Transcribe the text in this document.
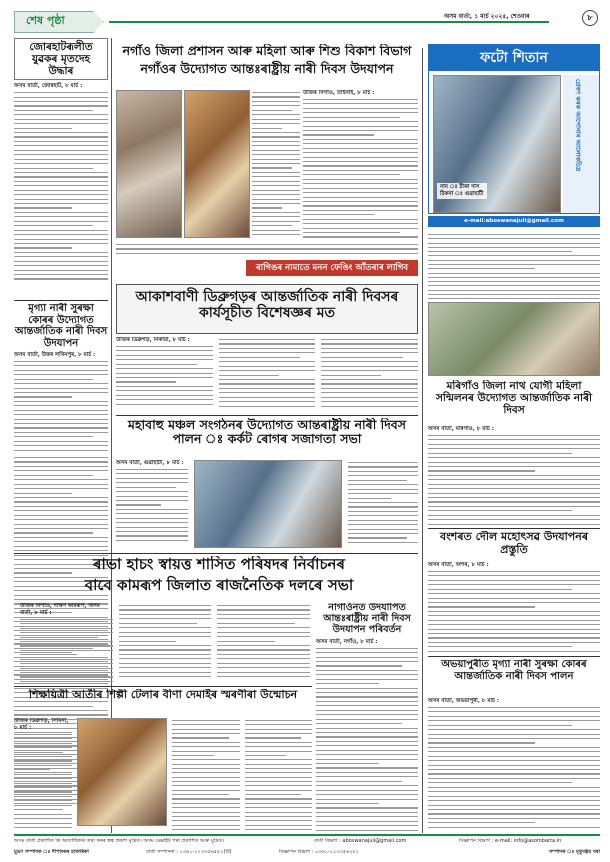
শেষ পৃষ্ঠা	অসম বাৰ্তা, ১ মাৰ্চ ২০২৫, শেওবাৰ	৮
জোৰহাটৰূলীত যুৱকৰ মৃতদেহ উদ্ধাৰ
অসম বাৰ্তা, জোৰহাট, ৮ মাৰ্চ :
মৃগ্যা নাৰী সুৰক্ষা কোৰৰ উদ্যোগত আন্তৰ্জাতিক নাৰী দিবস উদযাপন
অসম বাৰ্তা, উত্তৰ লখিমপুৰ, ৮ মাৰ্চ :
নগাঁও জিলা প্ৰশাসন আৰু মহিলা আৰু শিশু বিকাশ বিভাগ
নগাঁওৰ উদ্যোগত আন্তঃৰাষ্ট্ৰীয় নাৰী দিবস উদযাপন
উজিৰ নিগাঁও, তাইনাই, ৮ মাৰ্চ :
ৰাগিঙৰ নামাতে মনন ফেঙিং আঁতৰাৰ লাগিব
আকাশবাণী ডিব্ৰুগড়ৰ আন্তৰ্জাতিক নাৰী দিবসৰ কাৰ্যসূচীত বিশেষজ্ঞৰ মত
উজিৰ ডিব্ৰুগড়, নিকায়া, ৮ মাৰ্চ :
মহাবাহু মঞ্চল সংগঠনৰ উদ্যোগত আন্তৰাষ্ট্ৰীয় নাৰী দিবস পালন ঃ কৰ্কট ৰোগৰ সজাগতা সভা
অসম বাৰ্তা, গুৱাহাটী, ৮ মাৰ্চ :
ৰাভা হাচং স্বায়ত্ত শাসিত পৰিষদৰ নিৰ্বাচনৰ
বাবে কামৰূপ জিলাত ৰাজনৈতিক দলৰে সভা
উজিৰ নিগাঁও, দক্ষিণ কামৰূপ, অসম বাৰ্তা, ৮ মাৰ্চ :	নাগাওঁনত উদযাপিত আন্তঃৰাষ্ট্ৰীয় নাৰী দিবস উদযাপন পৰিবৰ্তন
অসম বাৰ্তা, নগাঁও, ৮ মাৰ্চ :
শিক্ষয়িত্ৰী আৰ্তীৰ শিল্পী টেলাৰ বীণা দেমাইৰ স্মৰণীৰা উন্মোচন
উজিৰ ডিব্ৰুগড়, সিমিনা, ৮ মাৰ্চ :
ফটো শিতান
প্ৰেৰণ কৰক আপোনাৰ আলোকচিত্ৰ
নাম ঃ ঠীকা দাস
ঠিকনা ঃ গুৱাহাটী
e-mail:aboswanajuli@gmail.com
মৰিগাঁও জিলা নাথ যোগী মহিলা সন্মিলনৰ উদ্যোগত আন্তৰ্জাতিক নাৰী দিবস
অসম বাৰ্তা, মৰিগাঁও, ৮ মাৰ্চ :
বংশৰত দৌল মহোৎসৱ উদযাপনৰ প্ৰস্তুতি
অসম বাৰ্তা, বংশৰ, ৮ মাৰ্চ :
অভয়াপুৰীত মৃগ্যা নাৰী সুৰক্ষা কোৰৰ আন্তৰ্জাতিক নাৰী দিবস পালন
অসম বাৰ্তা, অভয়াপুৰী, ৮ মাৰ্চ :
অসম বাৰ্তা প্ৰকাশিত কি অত্যাধিকাৰ তথ্য কৰৰ স্বত্ব প্ৰকাশ মুদ্ৰিত। অসম মেক্সাইট পৰা প্ৰকাশিত আৰু মুদ্ৰিত।	বাৰ্তা বিভাগ : aboswanajuli@gmail.com	বিজ্ঞাপন বিভাগ : e-mail: info@asombarta.in
মুদ্ৰণ সম্পাদক ঃ দীপাংকৰ হাজৰিকা	বাৰ্তা সম্পাদনা : ০৩৬১-২২৩৩৫৬৫৫২(টি)	বিজ্ঞাপন বিভাগ : ০৩৬১-২২৩৩৫৬২৮২	সম্পাদক ঃ মৃত্যুঞ্জয় বৰা
